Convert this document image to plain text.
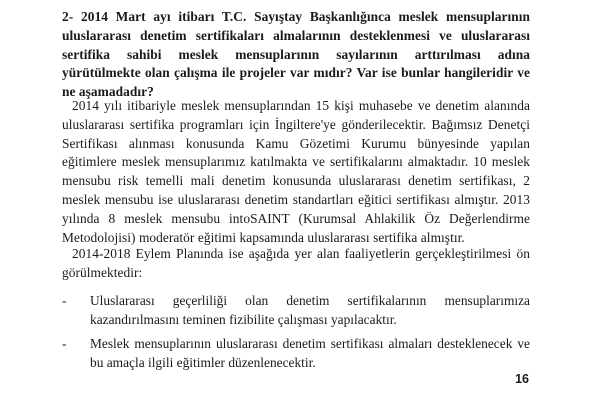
2- 2014 Mart ayı itibarı T.C. Sayıştay Başkanlığınca meslek mensuplarının uluslararası denetim sertifikaları almalarının desteklenmesi ve uluslararası sertifika sahibi meslek mensuplarının sayılarının arttırılması adına yürütülmekte olan çalışma ile projeler var mıdır? Var ise bunlar hangileridir ve ne aşamadadır?
2014 yılı itibariyle meslek mensuplarından 15 kişi muhasebe ve denetim alanında uluslararası sertifika programları için İngiltere'ye gönderilecektir. Bağımsız Denetçi Sertifikası alınması konusunda Kamu Gözetimi Kurumu bünyesinde yapılan eğitimlere meslek mensuplarımız katılmakta ve sertifikalarını almaktadır. 10 meslek mensubu risk temelli mali denetim konusunda uluslararası denetim sertifikası, 2 meslek mensubu ise uluslararası denetim standartları eğitici sertifikası almıştır. 2013 yılında 8 meslek mensubu intoSAINT (Kurumsal Ahlakilik Öz Değerlendirme Metodolojisi) moderatör eğitimi kapsamında uluslararası sertifika almıştır.
2014-2018 Eylem Planında ise aşağıda yer alan faaliyetlerin gerçekleştirilmesi ön görülmektedir:
-	Uluslararası geçerliliği olan denetim sertifikalarının mensuplarımıza kazandırılmasını teminen fizibilite çalışması yapılacaktır.
-	Meslek mensuplarının uluslararası denetim sertifikası almaları desteklenecek ve bu amaçla ilgili eğitimler düzenlenecektir.
16
